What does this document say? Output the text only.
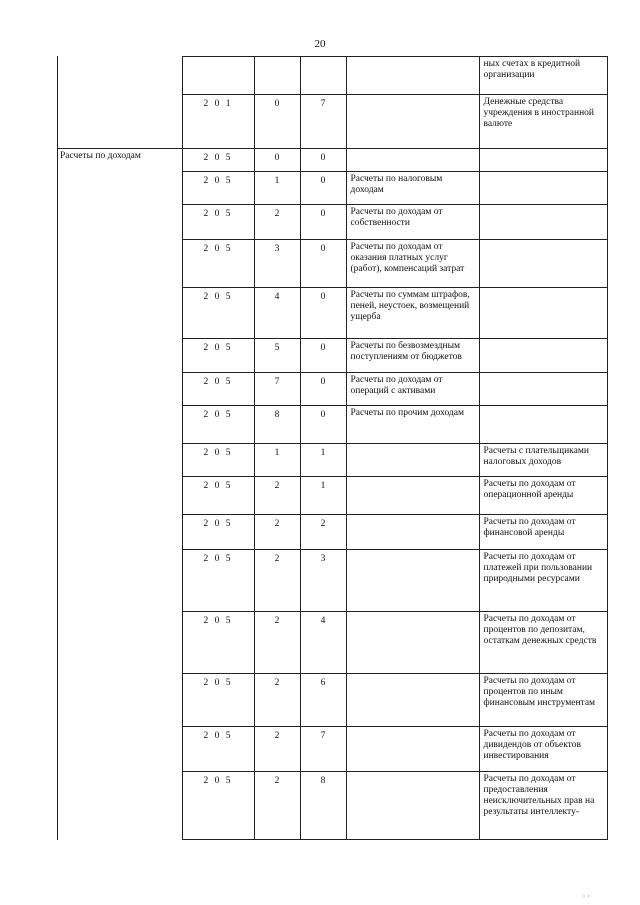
20

					ных счетах в кредитной организации

	2 0 1	0	7		Денежные средства учреждения в иностранной валюте

Расчеты по доходам	2 0 5	0	0		

	2 0 5	1	0	Расчеты по налоговым доходам	

	2 0 5	2	0	Расчеты по доходам от собственности	

	2 0 5	3	0	Расчеты по доходам от оказания платных услуг (работ), компенсаций затрат	

	2 0 5	4	0	Расчеты по суммам штрафов, пеней, неустоек, возмещений ущерба	

	2 0 5	5	0	Расчеты по безвозмездным поступлениям от бюджетов	

	2 0 5	7	0	Расчеты по доходам от операций с активами	

	2 0 5	8	0	Расчеты по прочим доходам	

	2 0 5	1	1		Расчеты с плательщиками налоговых доходов

	2 0 5	2	1		Расчеты по доходам от операционной аренды

	2 0 5	2	2		Расчеты по доходам от финансовой аренды

	2 0 5	2	3		Расчеты по доходам от платежей при пользовании природными ресурсами

	2 0 5	2	4		Расчеты по доходам от процентов по депозитам, остаткам денежных средств

	2 0 5	2	6		Расчеты по доходам от процентов по иным финансовым инструментам

	2 0 5	2	7		Расчеты по доходам от дивидендов от объектов инвестирования

	2 0 5	2	8		Расчеты по доходам от предоставления неисключительных прав на результаты интеллекту-
· ·
